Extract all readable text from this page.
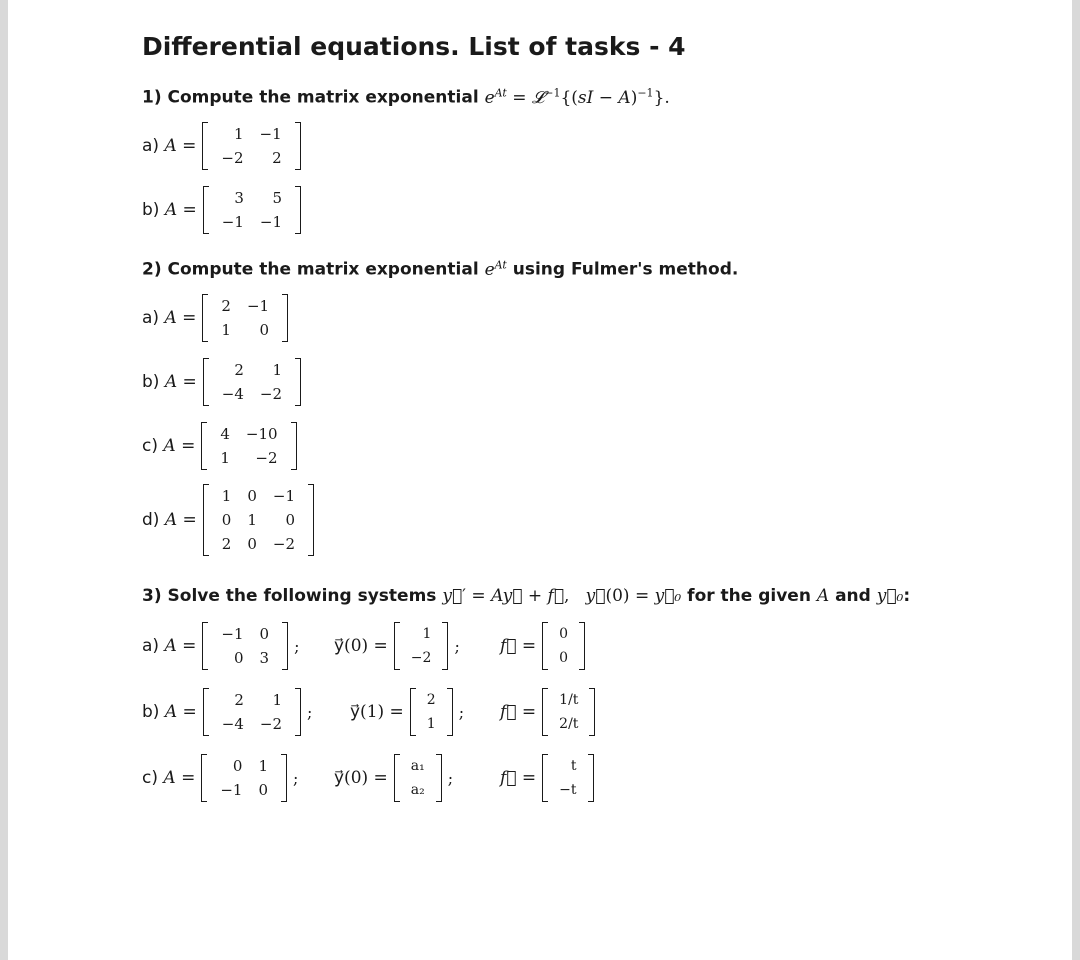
Differential equations. List of tasks - 4
1) Compute the matrix exponential $e^{At}$ = 𝓛$^{-1}${(sI − A)$^{-1}$}.
2) Compute the matrix exponential $e^{At}$ using Fulmer's method.
3) Solve the following systems y⃗′ = Ay⃗ + f⃗,   y⃗(0) = y⃗₀ for the given A and y⃗₀:
a) A =
1	−1
−2	2
b) A =
3	5
−1	−1
a) A =
2	−1
1	0
b) A =
2	1
−4	−2
c) A =
4	−10
1	−2
d) A =
1	0	−1
0	1	0
2	0	−2
a) A =
−1	0
0	3
; y⃗(0) =
1
−2
; f⃗ =
0
0
b) A =
2	1
−4	−2
; y⃗(1) =
2
1
; f⃗ =
1/t
2/t
c) A =
0	1
−1	0
; y⃗(0) =
a₁
a₂
;	f⃗ =
t
−t
